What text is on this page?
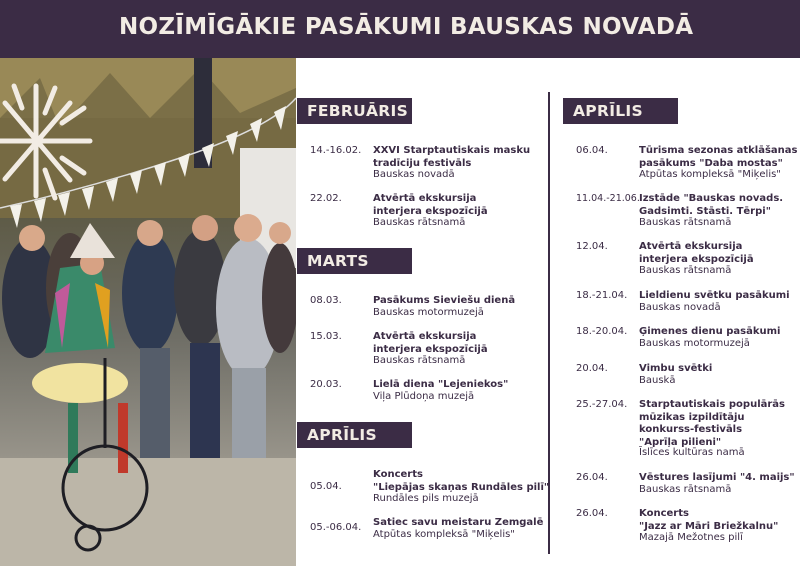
NOZĪMĪGĀKIE PASĀKUMI BAUSKAS NOVADĀ
FEBRUĀRIS
14.-16.02. XXVI Starptautiskais masku
tradīciju festivāls
Bauskas novadā
22.02.	Atvērtā ekskursija
interjera ekspozīcijā
Bauskas rātsnamā
MARTS
08.03.	Pasākums Sieviešu dienā
Bauskas motormuzejā
15.03.	Atvērtā ekskursija
interjera ekspozīcijā
Bauskas rātsnamā
20.03.	Lielā diena "Lejeniekos"
Viļa Plūdoņa muzejā
APRĪLIS
05.04.
Koncerts
"Liepājas skaņas Rundāles pilī"
Rundāles pils muzejā
05.-06.04. Satiec savu meistaru Zemgalē
Atpūtas kompleksā "Miķelis"
APRĪLIS
06.04.	Tūrisma sezonas atklāšanas
pasākums "Daba mostas"
Atpūtas kompleksā "Miķelis"
11.04.-21.06. Izstāde "Bauskas novads.
Gadsimti. Stāsti. Tērpi"
Bauskas rātsnamā
12.04.	Atvērtā ekskursija
interjera ekspozīcijā
Bauskas rātsnamā
18.-21.04. Lieldienu svētku pasākumi
Bauskas novadā
18.-20.04. Ģimenes dienu pasākumi
Bauskas motormuzejā
20.04.	Vimbu svētki
Bauskā
25.-27.04. Starptautiskais populārās
mūzikas izpildītāju
konkurss-festivāls
"Aprīļa pilieni"
Īslīces kultūras namā
26.04.	Vēstures lasījumi "4. maijs"
Bauskas rātsnamā
26.04.	Koncerts
"Jazz ar Māri Briežkalnu"
Mazajā Mežotnes pilī
